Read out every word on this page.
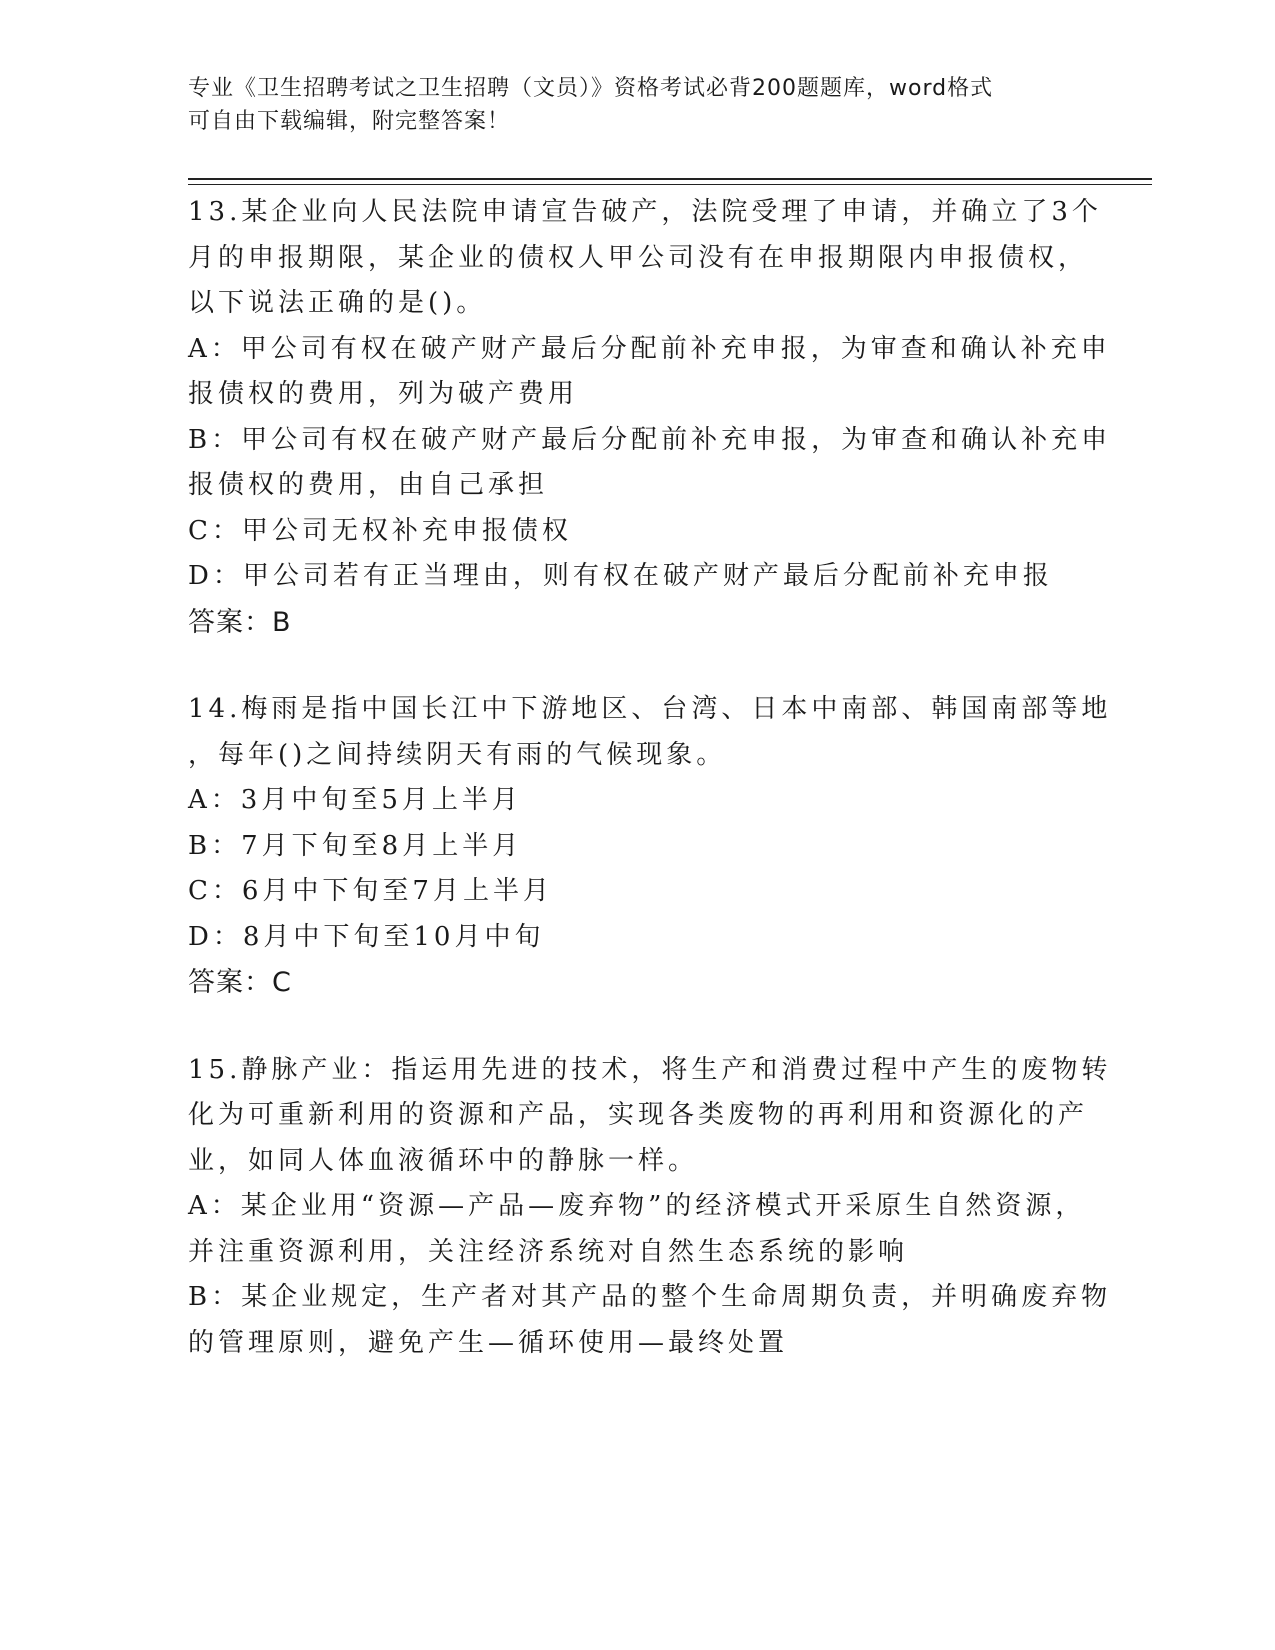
专业《卫生招聘考试之卫生招聘（文员）》资格考试必背200题题库，word格式
可自由下载编辑，附完整答案！
13.某企业向人民法院申请宣告破产，法院受理了申请，并确立了3个
月的申报期限，某企业的债权人甲公司没有在申报期限内申报债权，
以下说法正确的是()。
A：甲公司有权在破产财产最后分配前补充申报，为审查和确认补充申
报债权的费用，列为破产费用
B：甲公司有权在破产财产最后分配前补充申报，为审查和确认补充申
报债权的费用，由自己承担
C：甲公司无权补充申报债权
D：甲公司若有正当理由，则有权在破产财产最后分配前补充申报
答案：B
14.梅雨是指中国长江中下游地区、台湾、日本中南部、韩国南部等地
，每年()之间持续阴天有雨的气候现象。
A：3月中旬至5月上半月
B：7月下旬至8月上半月
C：6月中下旬至7月上半月
D：8月中下旬至10月中旬
答案：C
15.静脉产业：指运用先进的技术，将生产和消费过程中产生的废物转
化为可重新利用的资源和产品，实现各类废物的再利用和资源化的产
业，如同人体血液循环中的静脉一样。
A：某企业用“资源—产品—废弃物”的经济模式开采原生自然资源，
并注重资源利用，关注经济系统对自然生态系统的影响
B：某企业规定，生产者对其产品的整个生命周期负责，并明确废弃物
的管理原则，避免产生—循环使用—最终处置
